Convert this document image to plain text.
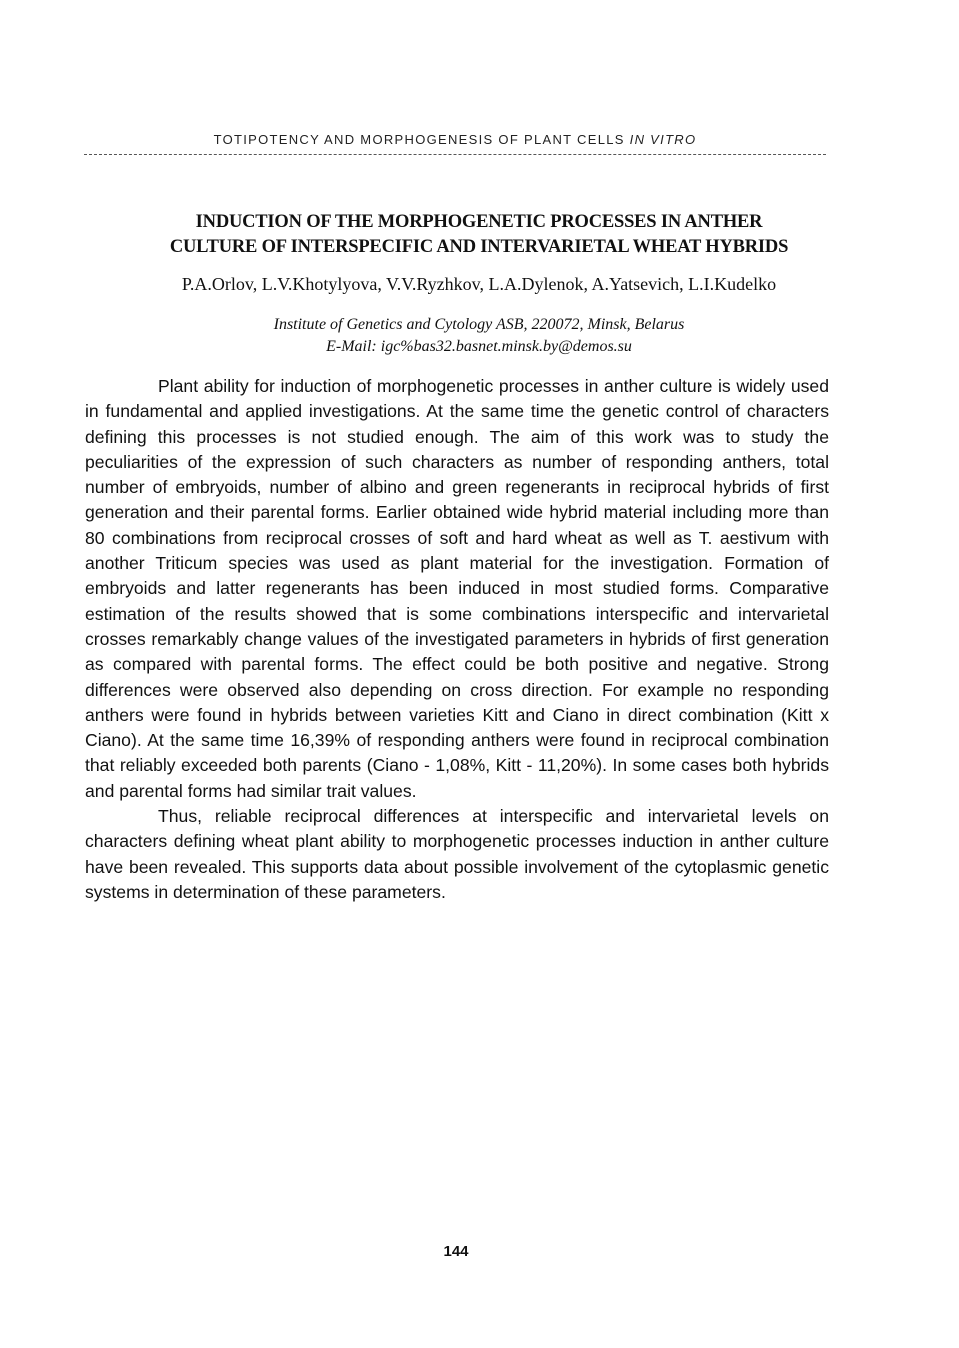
TOTIPOTENCY AND MORPHOGENESIS OF PLANT CELLS IN VITRO
INDUCTION OF THE MORPHOGENETIC PROCESSES IN ANTHER
CULTURE OF INTERSPECIFIC AND INTERVARIETAL WHEAT HYBRIDS
P.A.Orlov, L.V.Khotylyova, V.V.Ryzhkov, L.A.Dylenok, A.Yatsevich, L.I.Kudelko
Institute of Genetics and Cytology ASB, 220072, Minsk, Belarus
E-Mail: igc%bas32.basnet.minsk.by@demos.su

Plant ability for induction of morphogenetic processes in anther culture is widely used in fundamental and applied investigations. At the same time the genetic control of characters defining this processes is not studied enough. The aim of this work was to study the peculiarities of the expression of such characters as number of responding anthers, total number of embryoids, number of albino and green regenerants in reciprocal hybrids of first generation and their parental forms. Earlier obtained wide hybrid material including more than 80 combinations from reciprocal crosses of soft and hard wheat as well as T. aestivum with another Triticum species was used as plant material for the investigation. Formation of embryoids and latter regenerants has been induced in most studied forms. Comparative estimation of the results showed that is some combinations interspecific and intervarietal crosses remarkably change values of the investigated parameters in hybrids of first generation as compared with parental forms. The effect could be both positive and negative. Strong differences were observed also depending on cross direction. For example no responding anthers were found in hybrids between varieties Kitt and Ciano in direct combination (Kitt x Ciano). At the same time 16,39% of responding anthers were found in reciprocal combination that reliably exceeded both parents (Ciano - 1,08%, Kitt - 11,20%). In some cases both hybrids and parental forms had similar trait values.

Thus, reliable reciprocal differences at interspecific and intervarietal levels on characters defining wheat plant ability to morphogenetic processes induction in anther culture have been revealed. This supports data about possible involvement of the cytoplasmic genetic systems in determination of these parameters.

144
